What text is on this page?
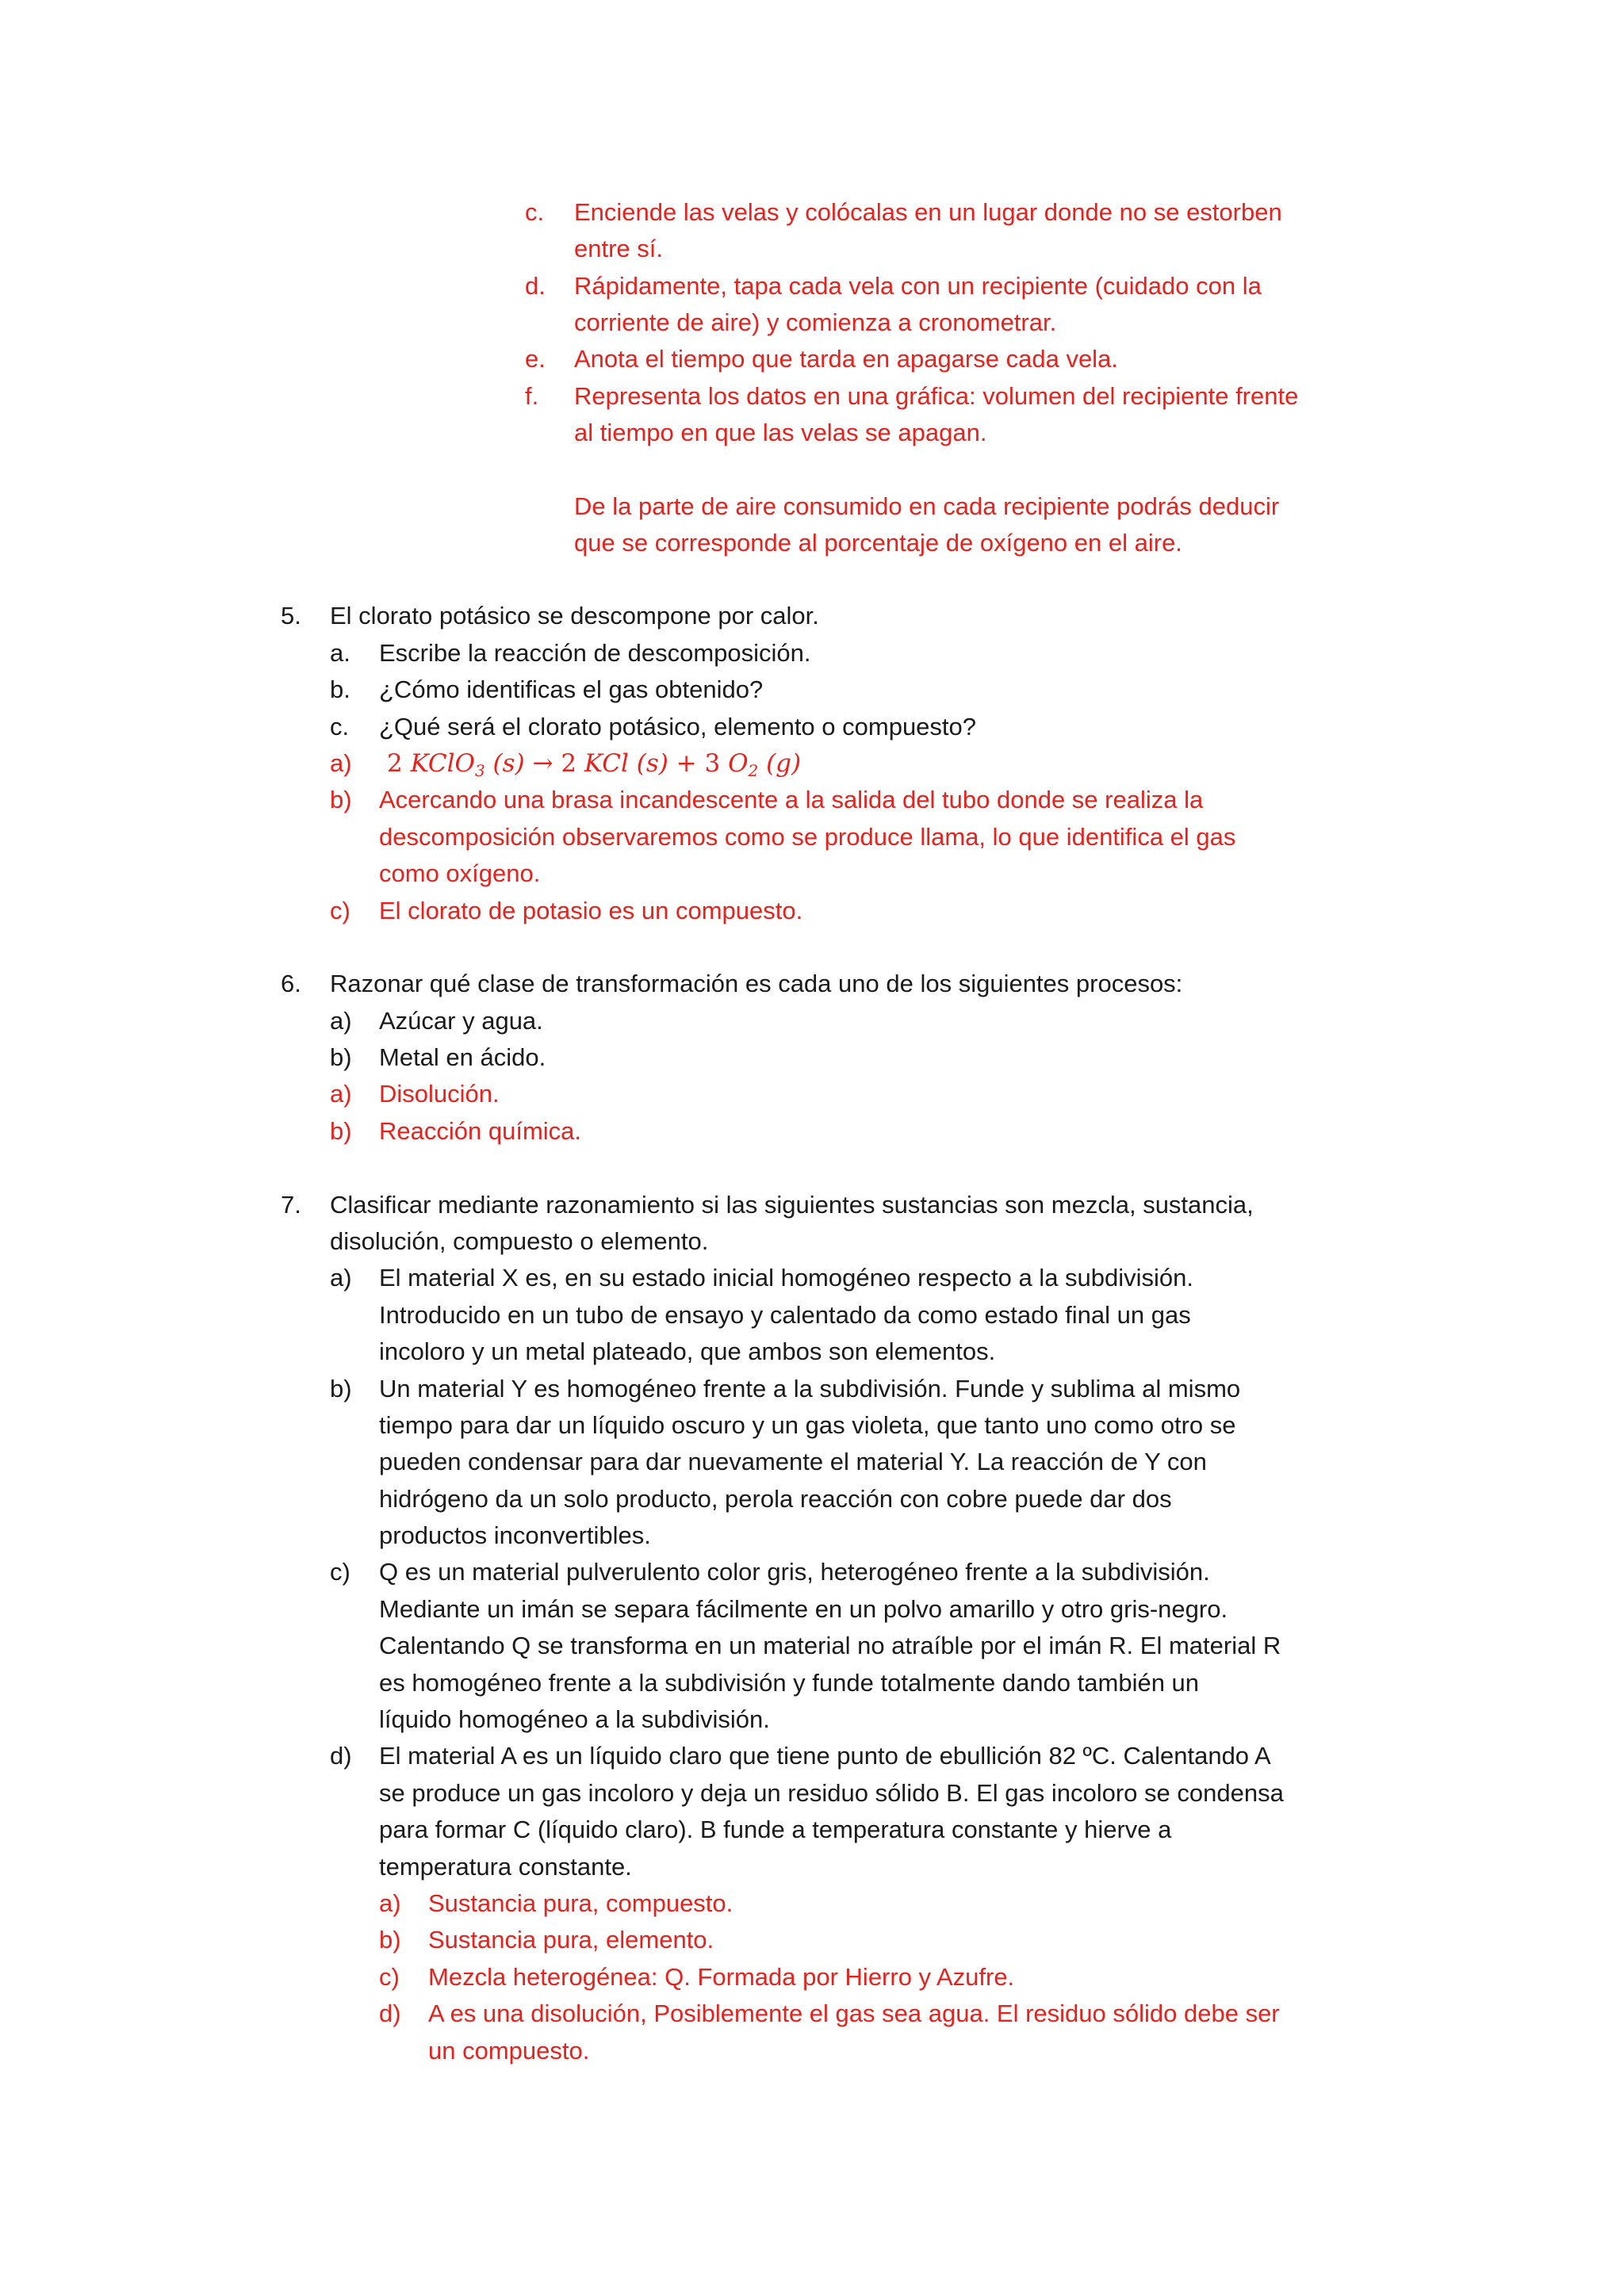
c. Enciende las velas y colócalas en un lugar donde no se estorben
entre sí.
d. Rápidamente, tapa cada vela con un recipiente (cuidado con la
corriente de aire) y comienza a cronometrar.
e. Anota el tiempo que tarda en apagarse cada vela.
f. Representa los datos en una gráfica: volumen del recipiente frente
al tiempo en que las velas se apagan.
De la parte de aire consumido en cada recipiente podrás deducir
que se corresponde al porcentaje de oxígeno en el aire.
5. El clorato potásico se descompone por calor.
a. Escribe la reacción de descomposición.
b. ¿Cómo identificas el gas obtenido?
c. ¿Qué será el clorato potásico, elemento o compuesto?
a) 2 KClO$_3$ (s) → 2 KCl (s) + 3 $O_2$ (g)
b) Acercando una brasa incandescente a la salida del tubo donde se realiza la
descomposición observaremos como se produce llama, lo que identifica el gas
como oxígeno.
c) El clorato de potasio es un compuesto.
6. Razonar qué clase de transformación es cada uno de los siguientes procesos:
a) Azúcar y agua.
b) Metal en ácido.
a) Disolución.
b) Reacción química.
7. Clasificar mediante razonamiento si las siguientes sustancias son mezcla, sustancia,
disolución, compuesto o elemento.
a) El material X es, en su estado inicial homogéneo respecto a la subdivisión.
Introducido en un tubo de ensayo y calentado da como estado final un gas
incoloro y un metal plateado, que ambos son elementos.
b) Un material Y es homogéneo frente a la subdivisión. Funde y sublima al mismo
tiempo para dar un líquido oscuro y un gas violeta, que tanto uno como otro se
pueden condensar para dar nuevamente el material Y. La reacción de Y con
hidrógeno da un solo producto, perola reacción con cobre puede dar dos
productos inconvertibles.
c) Q es un material pulverulento color gris, heterogéneo frente a la subdivisión.
Mediante un imán se separa fácilmente en un polvo amarillo y otro gris-negro.
Calentando Q se transforma en un material no atraíble por el imán R. El material R
es homogéneo frente a la subdivisión y funde totalmente dando también un
líquido homogéneo a la subdivisión.
d) El material A es un líquido claro que tiene punto de ebullición 82 ºC. Calentando A
se produce un gas incoloro y deja un residuo sólido B. El gas incoloro se condensa
para formar C (líquido claro). B funde a temperatura constante y hierve a
temperatura constante.
a) Sustancia pura, compuesto.
b) Sustancia pura, elemento.
c) Mezcla heterogénea: Q. Formada por Hierro y Azufre.
d) A es una disolución, Posiblemente el gas sea agua. El residuo sólido debe ser
un compuesto.
